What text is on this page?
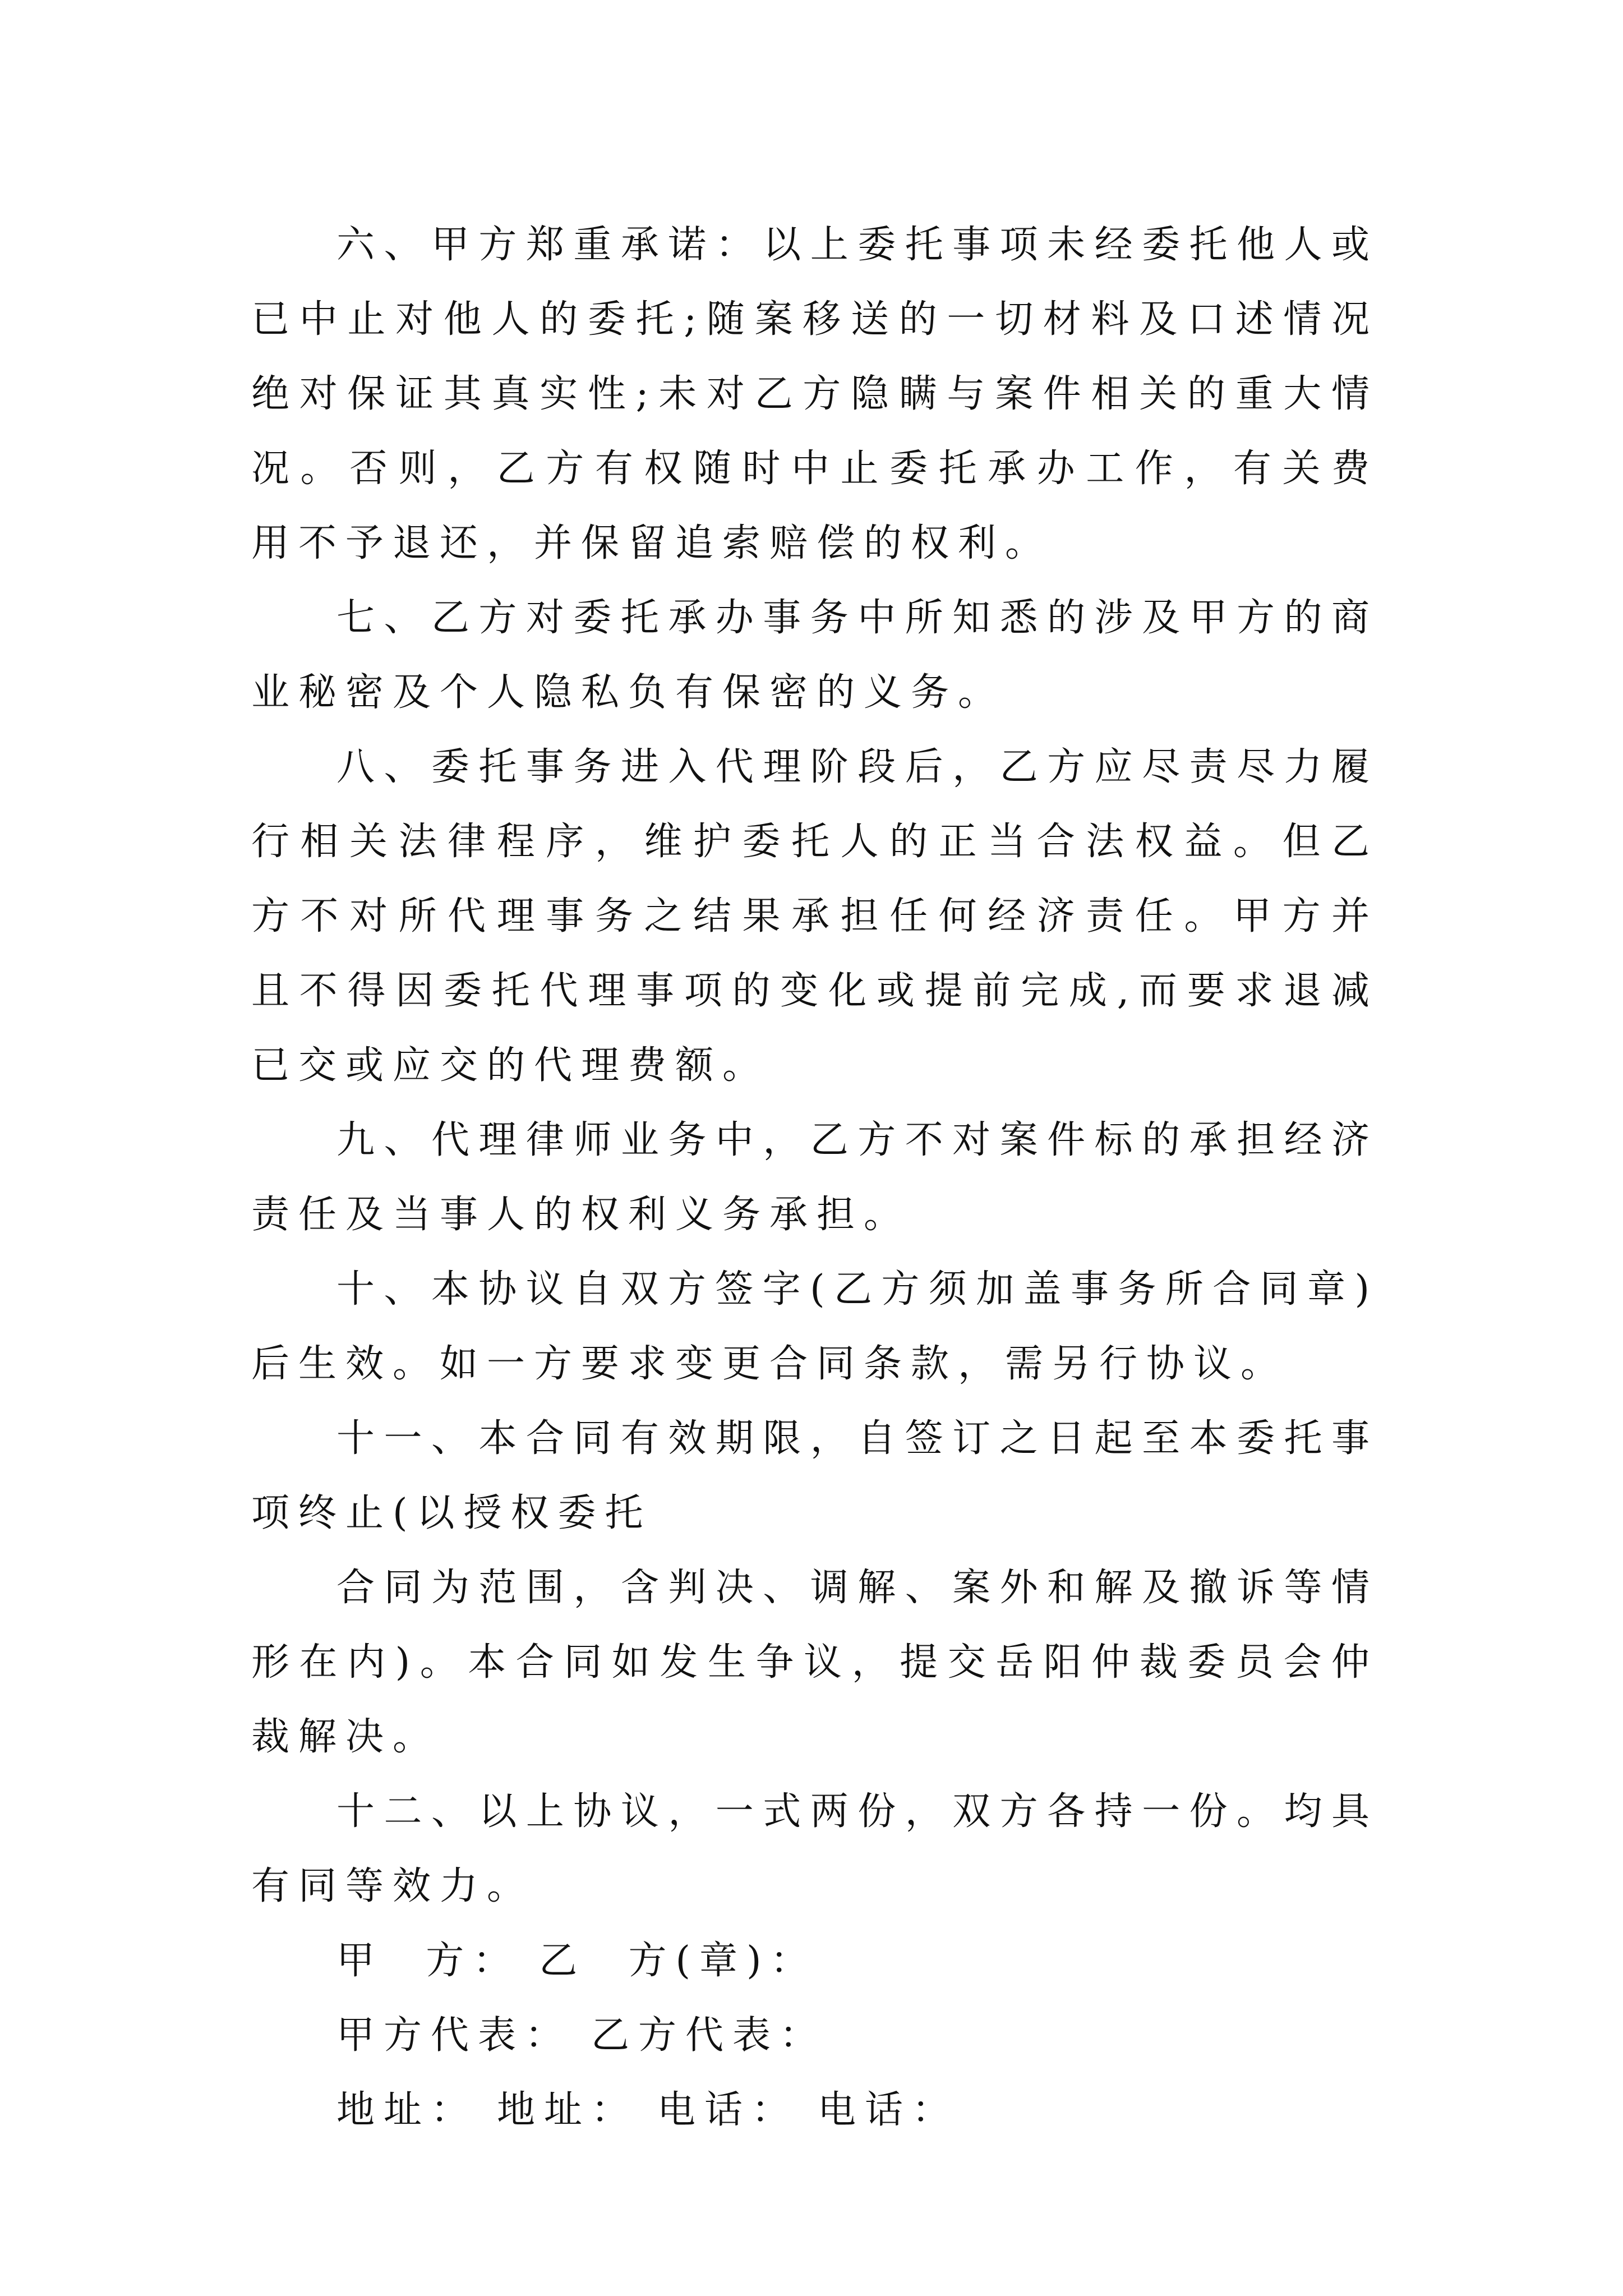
六、甲方郑重承诺：以上委托事项未经委托他人或已中止对他人的委托;随案移送的一切材料及口述情况绝对保证其真实性;未对乙方隐瞒与案件相关的重大情况。否则，乙方有权随时中止委托承办工作，有关费用不予退还，并保留追索赔偿的权利。

七、乙方对委托承办事务中所知悉的涉及甲方的商业秘密及个人隐私负有保密的义务。

八、委托事务进入代理阶段后，乙方应尽责尽力履行相关法律程序，维护委托人的正当合法权益。但乙方不对所代理事务之结果承担任何经济责任。甲方并且不得因委托代理事项的变化或提前完成,而要求退减已交或应交的代理费额。

九、代理律师业务中，乙方不对案件标的承担经济责任及当事人的权利义务承担。

十、本协议自双方签字(乙方须加盖事务所合同章)后生效。如一方要求变更合同条款，需另行协议。

十一、本合同有效期限，自签订之日起至本委托事项终止(以授权委托

合同为范围，含判决、调解、案外和解及撤诉等情形在内)。本合同如发生争议，提交岳阳仲裁委员会仲裁解决。

十二、以上协议，一式两份，双方各持一份。均具有同等效力。

甲  方： 乙  方(章)：
甲方代表： 乙方代表：
地址： 地址： 电话： 电话：
